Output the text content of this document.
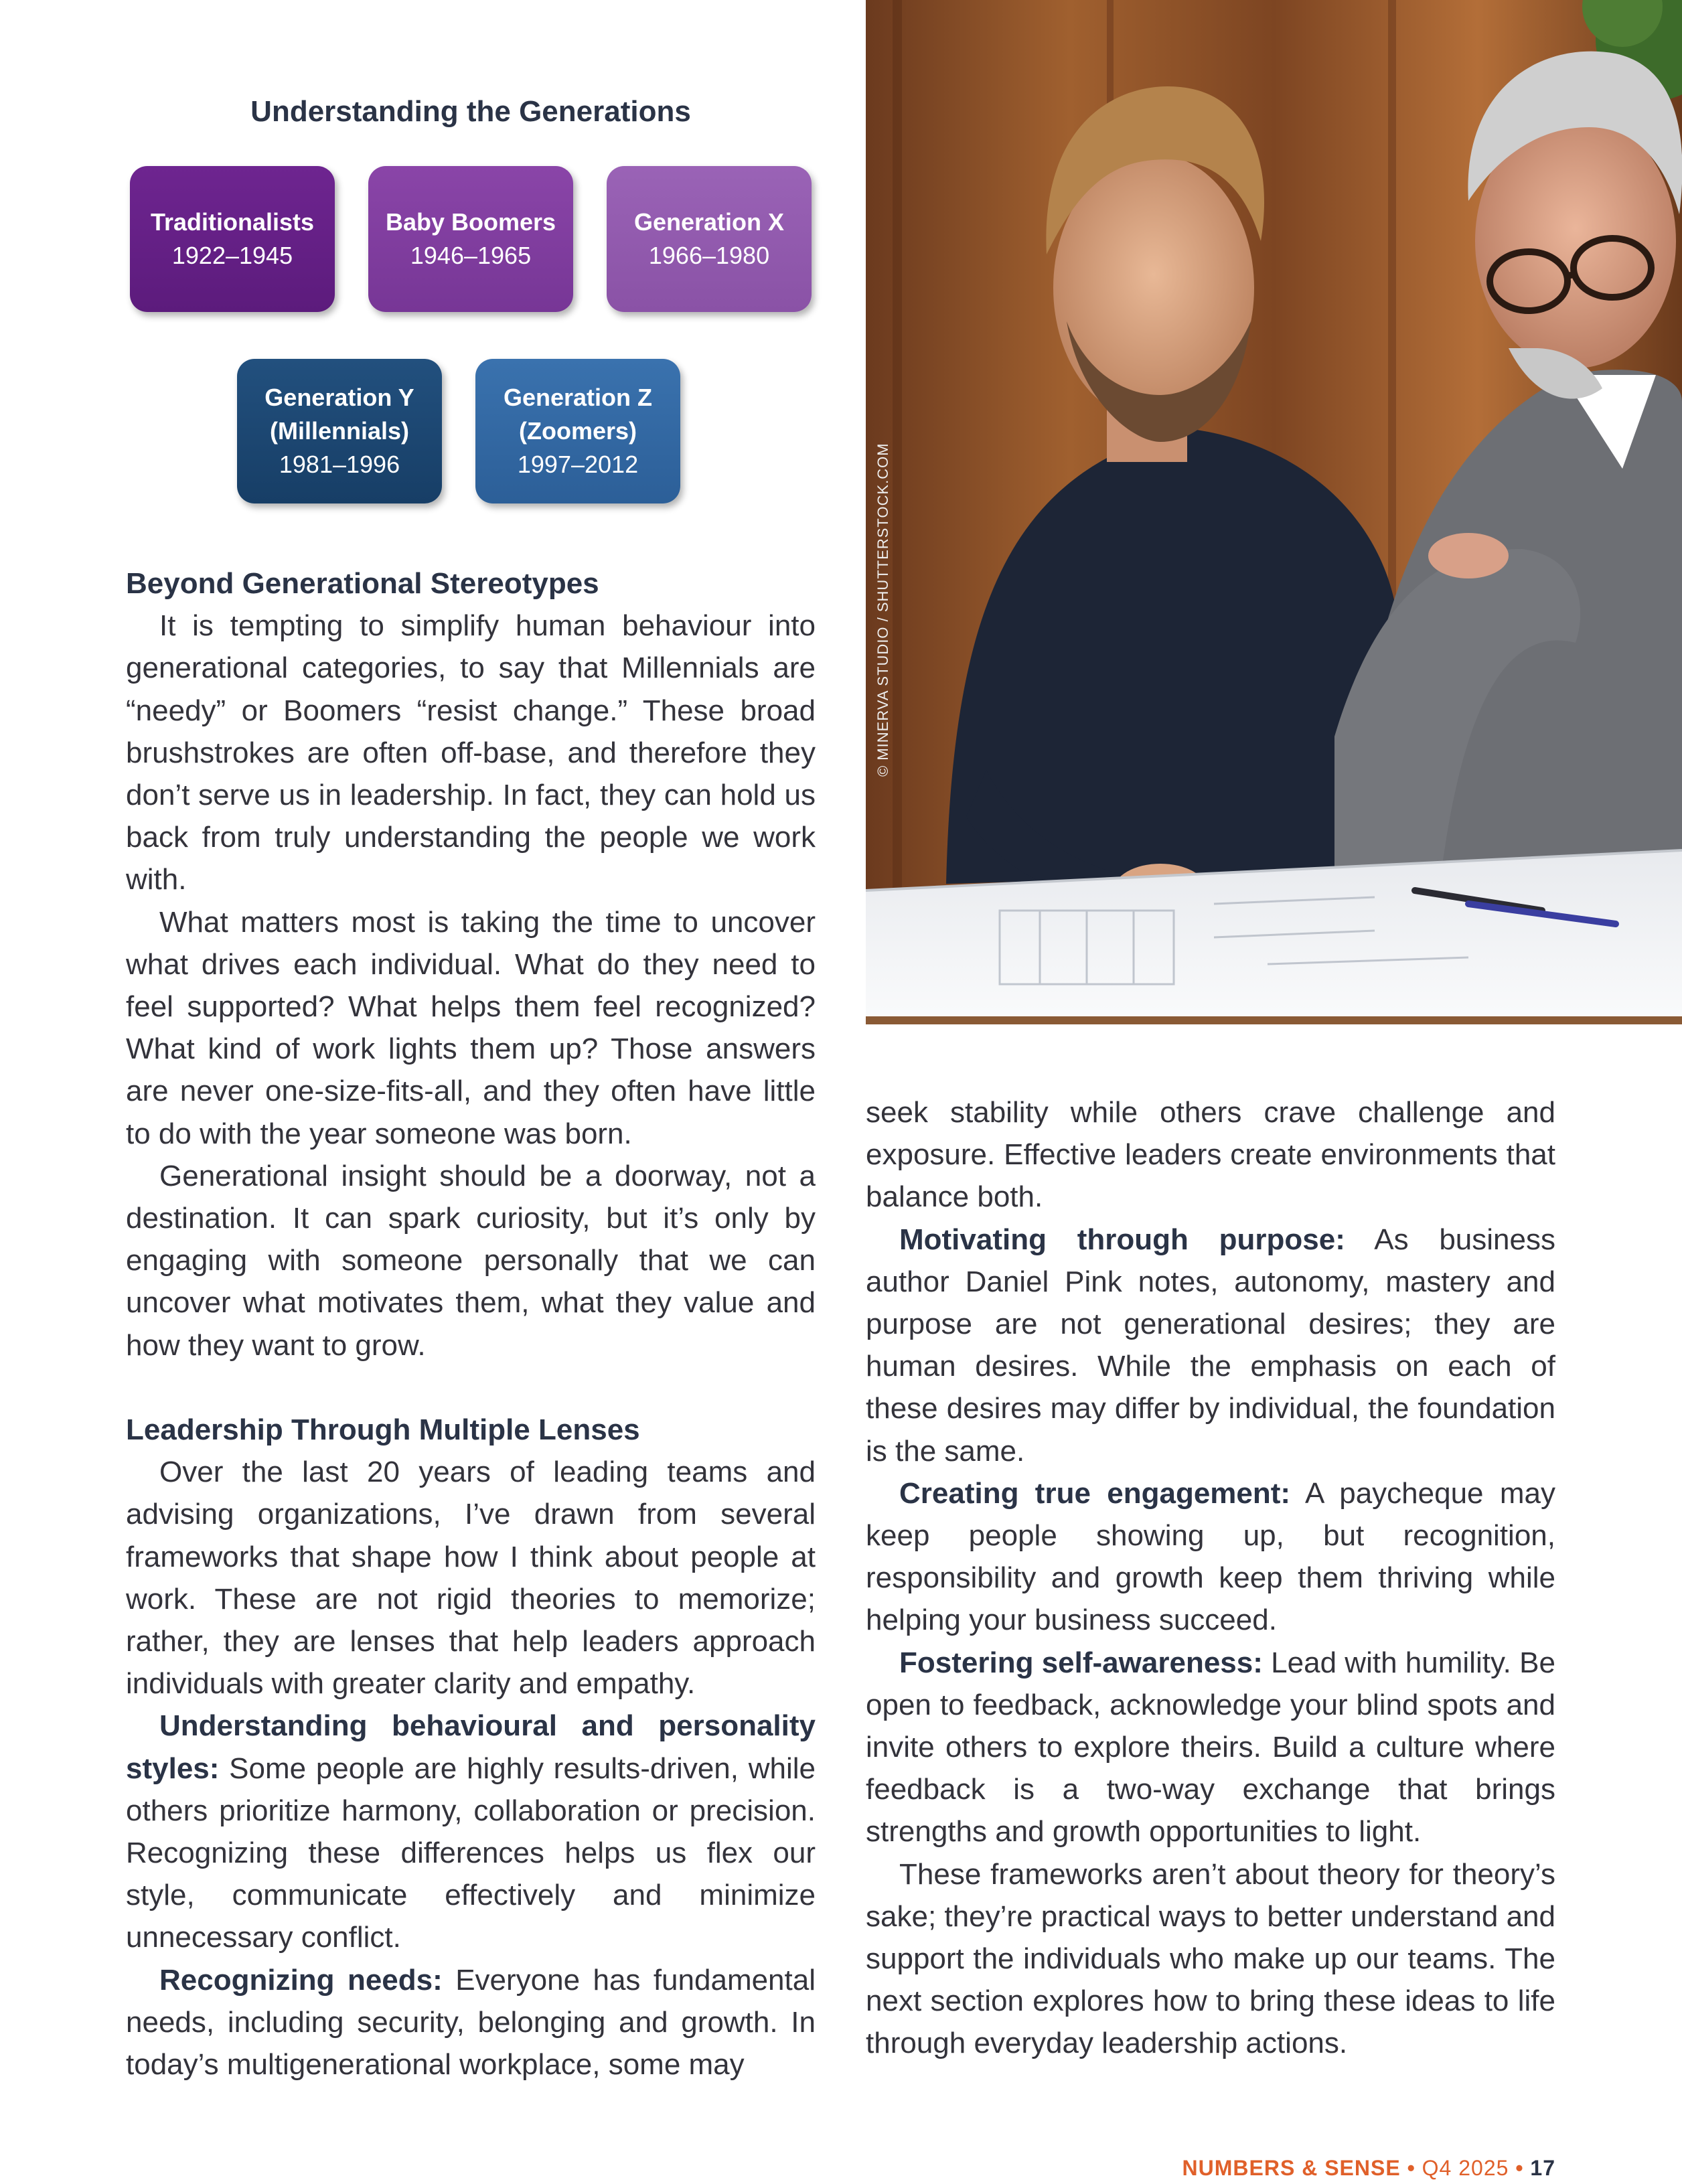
Understanding the Generations
Traditionalists
1922–1945
Baby Boomers
1946–1965
Generation X
1966–1980
Generation Y
(Millennials)
1981–1996
Generation Z
(Zoomers)
1997–2012	© MINERVA STUDIO / SHUTTERSTOCK.COM
Beyond Generational Stereotypes

It is tempting to simplify human behaviour into generational categories, to say that Millennials are “needy” or Boomers “resist change.” These broad brushstrokes are often off-base, and therefore they don’t serve us in leadership. In fact, they can hold us back from truly understanding the people we work with.

What matters most is taking the time to uncover what drives each individual. What do they need to feel supported? What helps them feel recognized? What kind of work lights them up? Those answers are never one-size-fits-all, and they often have little to do with the year someone was born.

Generational insight should be a doorway, not a destination. It can spark curiosity, but it’s only by engaging with someone personally that we can uncover what motivates them, what they value and how they want to grow.

Leadership Through Multiple Lenses

Over the last 20 years of leading teams and advising organizations, I’ve drawn from several frameworks that shape how I think about people at work. These are not rigid theories to memorize; rather, they are lenses that help leaders approach individuals with greater clarity and empathy.

Understanding behavioural and personality styles: Some people are highly results-driven, while others prioritize harmony, collaboration or precision. Recognizing these differences helps us flex our style, communicate effectively and minimize unnecessary conflict.

Recognizing needs: Everyone has fundamental needs, including security, belonging and growth. In today’s multigenerational workplace, some may

seek stability while others crave challenge and exposure. Effective leaders create environments that balance both.

Motivating through purpose: As business author Daniel Pink notes, autonomy, mastery and purpose are not generational desires; they are human desires. While the emphasis on each of these desires may differ by individual, the foundation is the same.

Creating true engagement: A paycheque may keep people showing up, but recognition, responsibility and growth keep them thriving while helping your business succeed.

Fostering self-awareness: Lead with humility. Be open to feedback, acknowledge your blind spots and invite others to explore theirs. Build a culture where feedback is a two-way exchange that brings strengths and growth opportunities to light.

These frameworks aren’t about theory for theory’s sake; they’re practical ways to better understand and support the individuals who make up our teams. The next section explores how to bring these ideas to life through everyday leadership actions.

NUMBERS & SENSE • Q4 2025 • 17
